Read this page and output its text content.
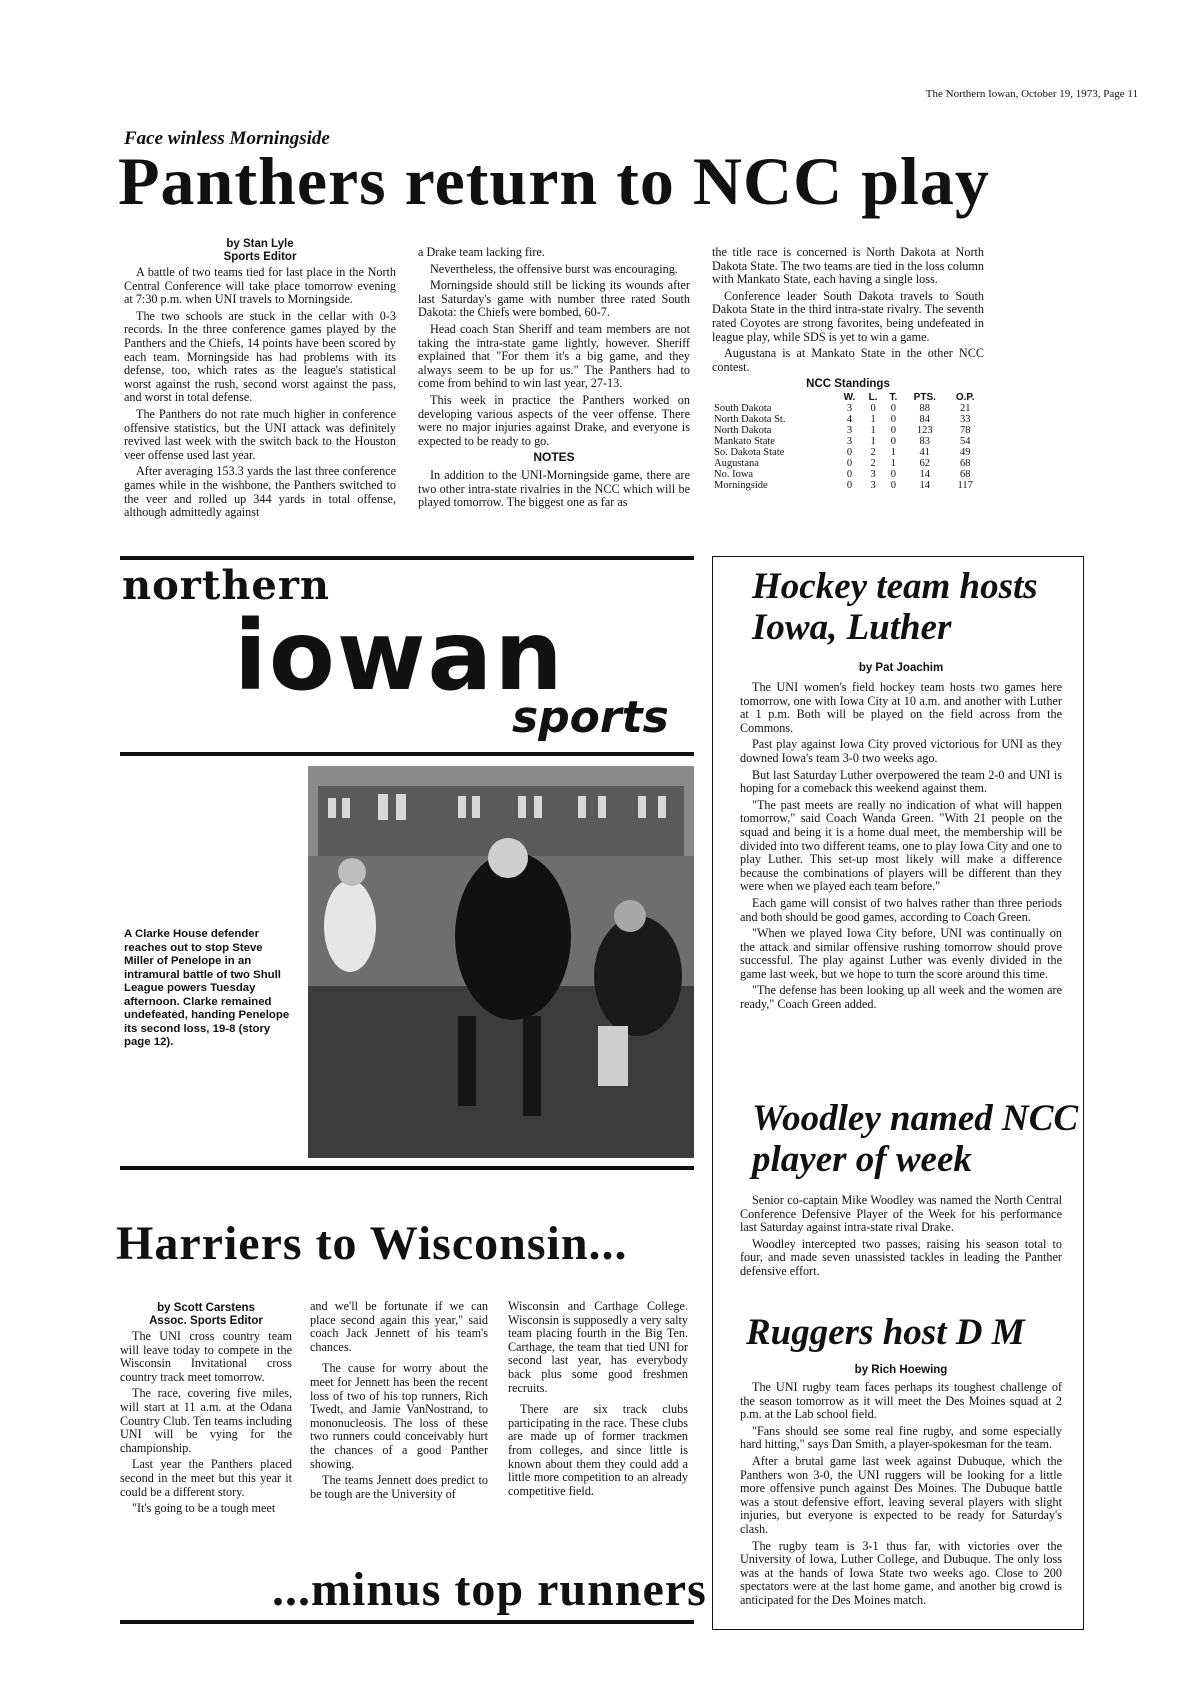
The Northern Iowan, October 19, 1973, Page 11
Face winless Morningside
Panthers return to NCC play
by Stan Lyle
Sports Editor

A battle of two teams tied for last place in the North Central Conference will take place tomorrow evening at 7:30 p.m. when UNI travels to Morningside.

The two schools are stuck in the cellar with 0-3 records. In the three conference games played by the Panthers and the Chiefs, 14 points have been scored by each team. Morningside has had problems with its defense, too, which rates as the league's statistical worst against the rush, second worst against the pass, and worst in total defense.

The Panthers do not rate much higher in conference offensive statistics, but the UNI attack was definitely revived last week with the switch back to the Houston veer offense used last year.

After averaging 153.3 yards the last three conference games while in the wishbone, the Panthers switched to the veer and rolled up 344 yards in total offense, although admittedly against

a Drake team lacking fire.

Nevertheless, the offensive burst was encouraging.

Morningside should still be licking its wounds after last Saturday's game with number three rated South Dakota: the Chiefs were bombed, 60-7.

Head coach Stan Sheriff and team members are not taking the intra-state game lightly, however. Sheriff explained that "For them it's a big game, and they always seem to be up for us." The Panthers had to come from behind to win last year, 27-13.

This week in practice the Panthers worked on developing various aspects of the veer offense. There were no major injuries against Drake, and everyone is expected to be ready to go.

NOTES

In addition to the UNI-Morningside game, there are two other intra-state rivalries in the NCC which will be played tomorrow. The biggest one as far as

the title race is concerned is North Dakota at North Dakota State. The two teams are tied in the loss column with Mankato State, each having a single loss.

Conference leader South Dakota travels to South Dakota State in the third intra-state rivalry. The seventh rated Coyotes are strong favorites, being undefeated in league play, while SDS is yet to win a game.

Augustana is at Mankato State in the other NCC contest.

NCC Standings
	W.	L.	T.	PTS.	O.P.
South Dakota	3	0	0	88	21
North Dakota St.	4	1	0	84	33
North Dakota	3	1	0	123	78
Mankato State	3	1	0	83	54
So. Dakota State	0	2	1	41	49
Augustana	0	2	1	62	68
No. Iowa	0	3	0	14	68
Morningside	0	3	0	14	117
northern
iowan
sports
A Clarke House defender reaches out to stop Steve Miller of Penelope in an intramural battle of two Shull League powers Tuesday afternoon. Clarke remained undefeated, handing Penelope its second loss, 19-8 (story page 12).
Harriers to Wisconsin...
by Scott Carstens
Assoc. Sports Editor

The UNI cross country team will leave today to compete in the Wisconsin Invitational cross country track meet tomorrow.

The race, covering five miles, will start at 11 a.m. at the Odana Country Club. Ten teams including UNI will be vying for the championship.

Last year the Panthers placed second in the meet but this year it could be a different story.

"It's going to be a tough meet

and we'll be fortunate if we can place second again this year," said coach Jack Jennett of his team's chances.

The cause for worry about the meet for Jennett has been the recent loss of two of his top runners, Rich Twedt, and Jamie VanNostrand, to mononucleosis. The loss of these two runners could conceivably hurt the chances of a good Panther showing.

The teams Jennett does predict to be tough are the University of

Wisconsin and Carthage College. Wisconsin is supposedly a very salty team placing fourth in the Big Ten. Carthage, the team that tied UNI for second last year, has everybody back plus some good freshmen recruits.

There are six track clubs participating in the race. These clubs are made up of former trackmen from colleges, and since little is known about them they could add a little more competition to an already competitive field.

...minus top runners
Hockey team hosts Iowa, Luther
by Pat Joachim

The UNI women's field hockey team hosts two games here tomorrow, one with Iowa City at 10 a.m. and another with Luther at 1 p.m. Both will be played on the field across from the Commons.

Past play against Iowa City proved victorious for UNI as they downed Iowa's team 3-0 two weeks ago.

But last Saturday Luther overpowered the team 2-0 and UNI is hoping for a comeback this weekend against them.

"The past meets are really no indication of what will happen tomorrow," said Coach Wanda Green. "With 21 people on the squad and being it is a home dual meet, the membership will be divided into two different teams, one to play Iowa City and one to play Luther. This set-up most likely will make a difference because the combinations of players will be different than they were when we played each team before."

Each game will consist of two halves rather than three periods and both should be good games, according to Coach Green.

"When we played Iowa City before, UNI was continually on the attack and similar offensive rushing tomorrow should prove successful. The play against Luther was evenly divided in the game last week, but we hope to turn the score around this time.

"The defense has been looking up all week and the women are ready," Coach Green added.

Woodley named NCC player of week

Senior co-captain Mike Woodley was named the North Central Conference Defensive Player of the Week for his performance last Saturday against intra-state rival Drake.

Woodley intercepted two passes, raising his season total to four, and made seven unassisted tackles in leading the Panther defensive effort.

Ruggers host D M
by Rich Hoewing

The UNI rugby team faces perhaps its toughest challenge of the season tomorrow as it will meet the Des Moines squad at 2 p.m. at the Lab school field.

"Fans should see some real fine rugby, and some especially hard hitting," says Dan Smith, a player-spokesman for the team.

After a brutal game last week against Dubuque, which the Panthers won 3-0, the UNI ruggers will be looking for a little more offensive punch against Des Moines. The Dubuque battle was a stout defensive effort, leaving several players with slight injuries, but everyone is expected to be ready for Saturday's clash.

The rugby team is 3-1 thus far, with victories over the University of Iowa, Luther College, and Dubuque. The only loss was at the hands of Iowa State two weeks ago. Close to 200 spectators were at the last home game, and another big crowd is anticipated for the Des Moines match.
